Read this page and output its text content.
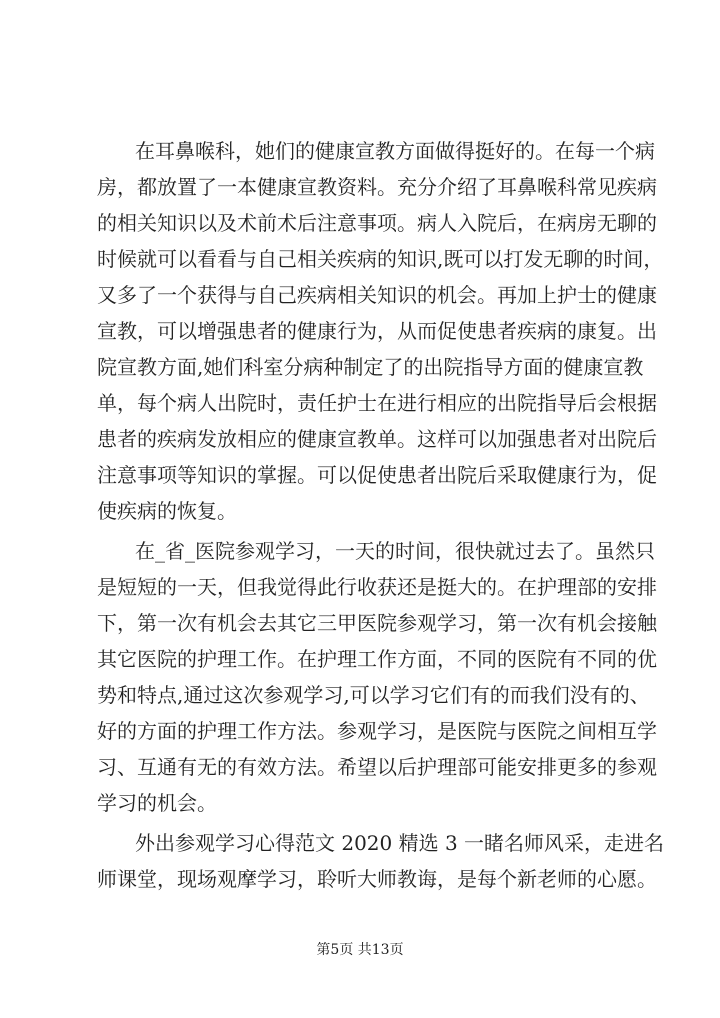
在耳鼻喉科，她们的健康宣教方面做得挺好的。在每一个病
房，都放置了一本健康宣教资料。充分介绍了耳鼻喉科常见疾病
的相关知识以及术前术后注意事项。病人入院后，在病房无聊的
时候就可以看看与自己相关疾病的知识,既可以打发无聊的时间，
又多了一个获得与自己疾病相关知识的机会。再加上护士的健康
宣教，可以增强患者的健康行为，从而促使患者疾病的康复。出
院宣教方面,她们科室分病种制定了的出院指导方面的健康宣教
单，每个病人出院时，责任护士在进行相应的出院指导后会根据
患者的疾病发放相应的健康宣教单。这样可以加强患者对出院后
注意事项等知识的掌握。可以促使患者出院后采取健康行为，促
使疾病的恢复。
在_省_医院参观学习，一天的时间，很快就过去了。虽然只
是短短的一天，但我觉得此行收获还是挺大的。在护理部的安排
下，第一次有机会去其它三甲医院参观学习，第一次有机会接触
其它医院的护理工作。在护理工作方面，不同的医院有不同的优
势和特点,通过这次参观学习,可以学习它们有的而我们没有的、
好的方面的护理工作方法。参观学习，是医院与医院之间相互学
习、互通有无的有效方法。希望以后护理部可能安排更多的参观
学习的机会。
外出参观学习心得范文 2020 精选 3 一睹名师风采，走进名
师课堂，现场观摩学习，聆听大师教诲，是每个新老师的心愿。
第5页 共13页
